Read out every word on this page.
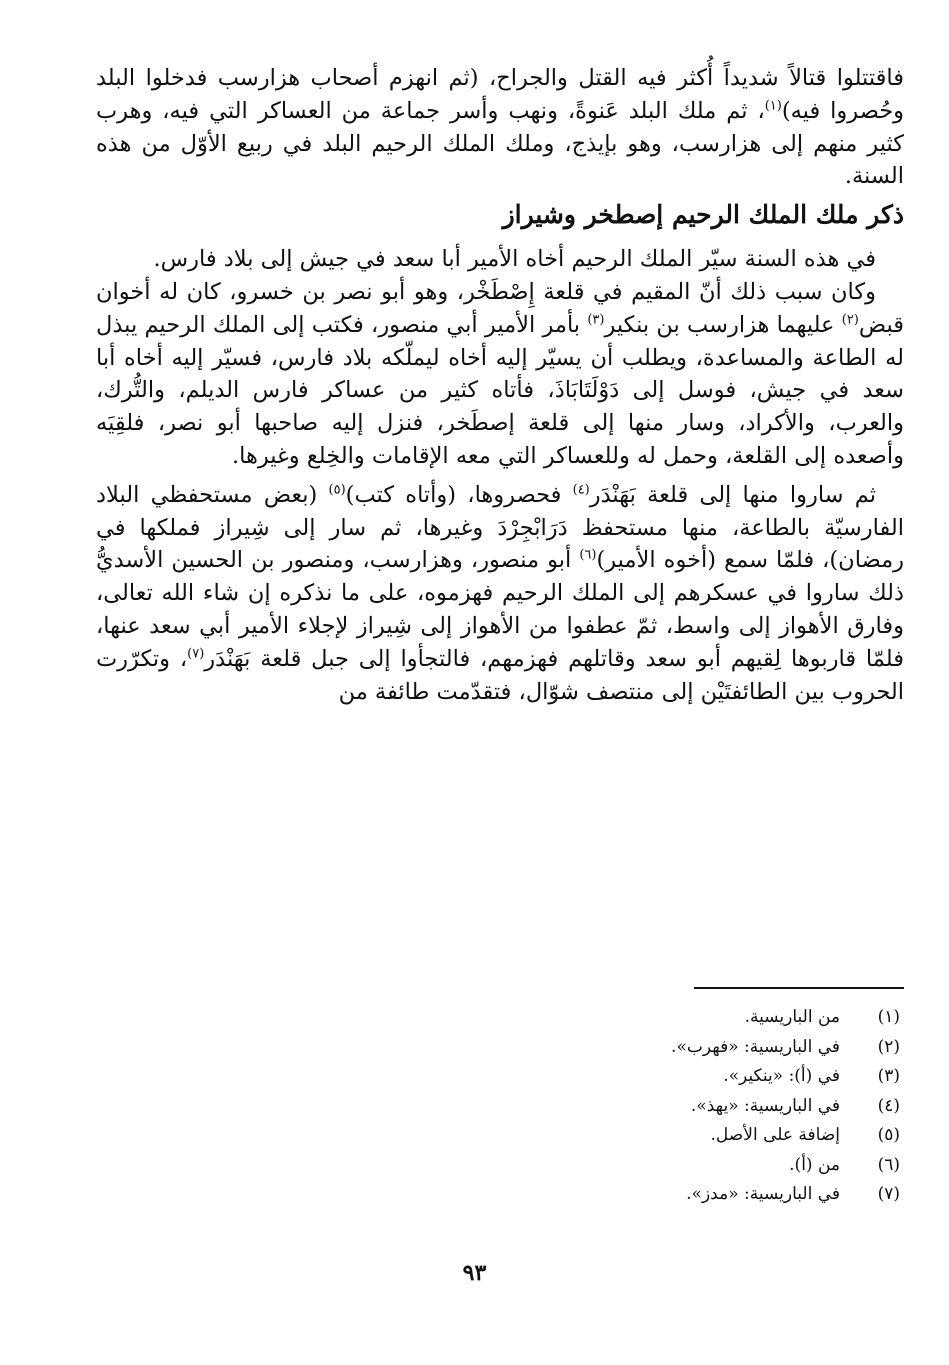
فاقتتلوا قتالاً شديداً أُكثر فيه القتل والجراح، (ثم انهزم أصحاب هزارسب فدخلوا البلد وحُصروا فيه)$^{(١)}$، ثم ملك البلد عَنوةً، ونهب وأسر جماعة من العساكر التي فيه، وهرب كثير منهم إلى هزارسب، وهو بإيذج، وملك الملك الرحيم البلد في ربيع الأوّل من هذه السنة.

ذكر ملك الملك الرحيم إصطخر وشيراز

في هذه السنة سيّر الملك الرحيم أخاه الأمير أبا سعد في جيش إلى بلاد فارس.

وكان سبب ذلك أنّ المقيم في قلعة إِصْطَخْر، وهو أبو نصر بن خسرو، كان له أخوان قبض$^{(٢)}$ عليهما هزارسب بن بنكير$^{(٣)}$ بأمر الأمير أبي منصور، فكتب إلى الملك الرحيم يبذل له الطاعة والمساعدة، ويطلب أن يسيّر إليه أخاه ليملّكه بلاد فارس، فسيّر إليه أخاه أبا سعد في جيش، فوسل إلى دَوْلَتَابَاذَ، فأتاه كثير من عساكر فارس الديلم، والتُّرك، والعرب، والأكراد، وسار منها إلى قلعة إصطَخر، فنزل إليه صاحبها أبو نصر، فلقِيَه وأصعده إلى القلعة، وحمل له وللعساكر التي معه الإقامات والخِلع وغيرها.

ثم ساروا منها إلى قلعة بَهَنْدَر$^{(٤)}$ فحصروها، (وأتاه كتب)$^{(٥)}$ (بعض مستحفظي البلاد الفارسيّة بالطاعة، منها مستحفظ دَرَابْجِرْدَ وغيرها، ثم سار إلى شِيراز فملكها في رمضان)، فلمّا سمع (أخوه الأمير)$^{(٦)}$ أبو منصور، وهزارسب، ومنصور بن الحسين الأسديُّ ذلك ساروا في عسكرهم إلى الملك الرحيم فهزموه، على ما نذكره إن شاء الله تعالى، وفارق الأهواز إلى واسط، ثمّ عطفوا من الأهواز إلى شِيراز لإجلاء الأمير أبي سعد عنها، فلمّا قاربوها لِقيهم أبو سعد وقاتلهم فهزمهم، فالتجأوا إلى جبل قلعة بَهَنْدَر$^{(٧)}$، وتكرّرت الحروب بين الطائفتَيْن إلى منتصف شوّال، فتقدّمت طائفة من

(١)
من الباريسية.
(٢)
في الباريسية: «فهرب».
(٣)
في (أ): «ينكير».
(٤)
في الباريسية: «يهذ».
(٥)
إضافة على الأصل.
(٦)
من (أ).
(٧)
في الباريسية: «مدز».
٩٣
